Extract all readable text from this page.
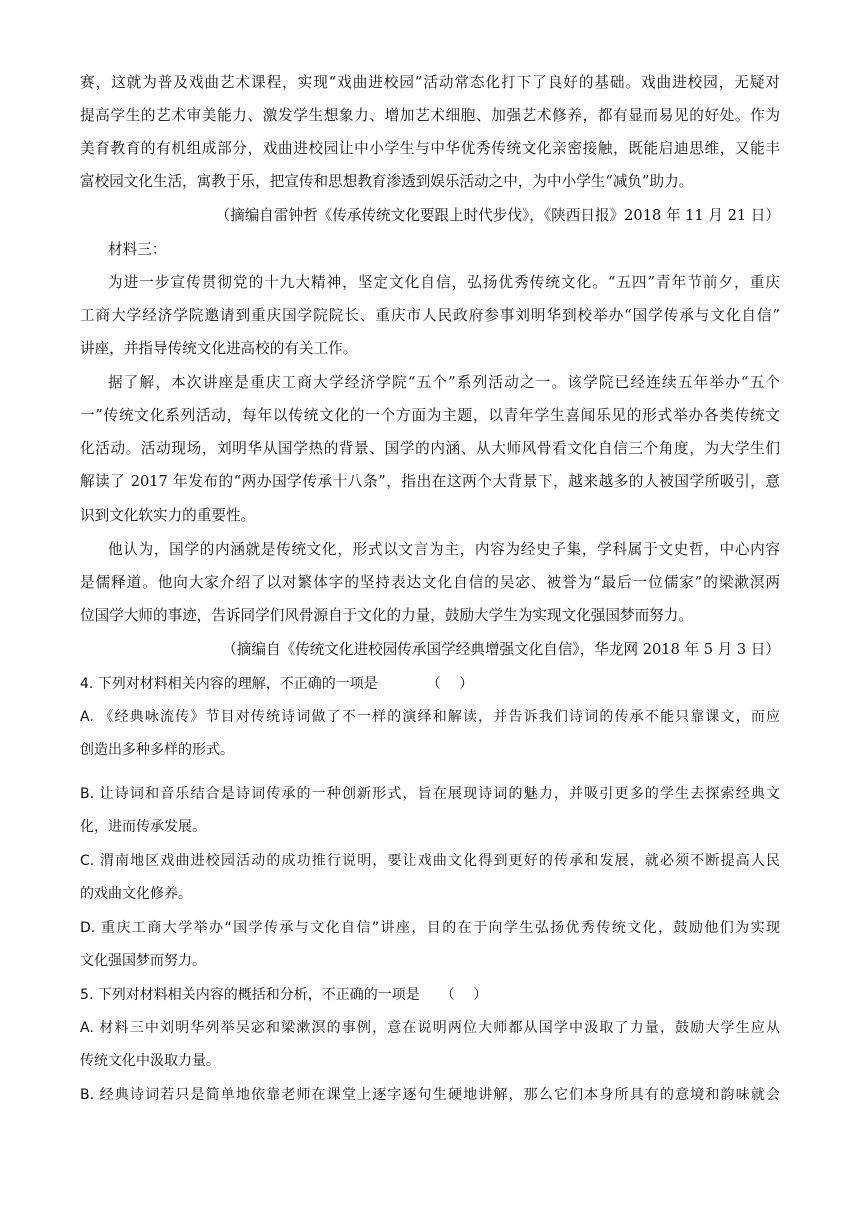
赛，这就为普及戏曲艺术课程，实现“戏曲进校园”活动常态化打下了良好的基础。戏曲进校园，无疑对
提高学生的艺术审美能力、激发学生想象力、增加艺术细胞、加强艺术修养，都有显而易见的好处。作为
美育教育的有机组成部分，戏曲进校园让中小学生与中华优秀传统文化亲密接触，既能启迪思维，又能丰
富校园文化生活，寓教于乐，把宣传和思想教育渗透到娱乐活动之中，为中小学生“减负”助力。
（摘编自雷钟哲《传承传统文化要跟上时代步伐》，《陕西日报》2018 年 11 月 21 日）
材料三：
为进一步宣传贯彻党的十九大精神，坚定文化自信，弘扬优秀传统文化。“五四”青年节前夕，重庆
工商大学经济学院邀请到重庆国学院院长、重庆市人民政府参事刘明华到校举办“国学传承与文化自信”
讲座，并指导传统文化进高校的有关工作。
据了解，本次讲座是重庆工商大学经济学院“五个”系列活动之一。该学院已经连续五年举办“五个
一”传统文化系列活动，每年以传统文化的一个方面为主题，以青年学生喜闻乐见的形式举办各类传统文
化活动。活动现场，刘明华从国学热的背景、国学的内涵、从大师风骨看文化自信三个角度，为大学生们
解读了 2017 年发布的“两办国学传承十八条”，指出在这两个大背景下，越来越多的人被国学所吸引，意
识到文化软实力的重要性。
他认为，国学的内涵就是传统文化，形式以文言为主，内容为经史子集，学科属于文史哲，中心内容
是儒释道。他向大家介绍了以对繁体字的坚持表达文化自信的吴宓、被誉为“最后一位儒家”的梁漱溟两
位国学大师的事迹，告诉同学们风骨源自于文化的力量，鼓励大学生为实现文化强国梦而努力。
（摘编自《传统文化进校园传承国学经典增强文化自信》，华龙网 2018 年 5 月 3 日）
4. 下列对材料相关内容的理解，不正确的一项是　　　　（　 ）
A. 《经典咏流传》节目对传统诗词做了不一样的演绎和解读，并告诉我们诗词的传承不能只靠课文，而应
创造出多种多样的形式。
B. 让诗词和音乐结合是诗词传承的一种创新形式，旨在展现诗词的魅力，并吸引更多的学生去探索经典文
化，进而传承发展。
C. 渭南地区戏曲进校园活动的成功推行说明，要让戏曲文化得到更好的传承和发展，就必须不断提高人民
的戏曲文化修养。
D. 重庆工商大学举办“国学传承与文化自信”讲座，目的在于向学生弘扬优秀传统文化，鼓励他们为实现
文化强国梦而努力。
5. 下列对材料相关内容的概括和分析，不正确的一项是　　（　 ）
A. 材料三中刘明华列举吴宓和梁漱溟的事例，意在说明两位大师都从国学中汲取了力量，鼓励大学生应从
传统文化中汲取力量。
B. 经典诗词若只是简单地依靠老师在课堂上逐字逐句生硬地讲解，那么它们本身所具有的意境和韵味就会
